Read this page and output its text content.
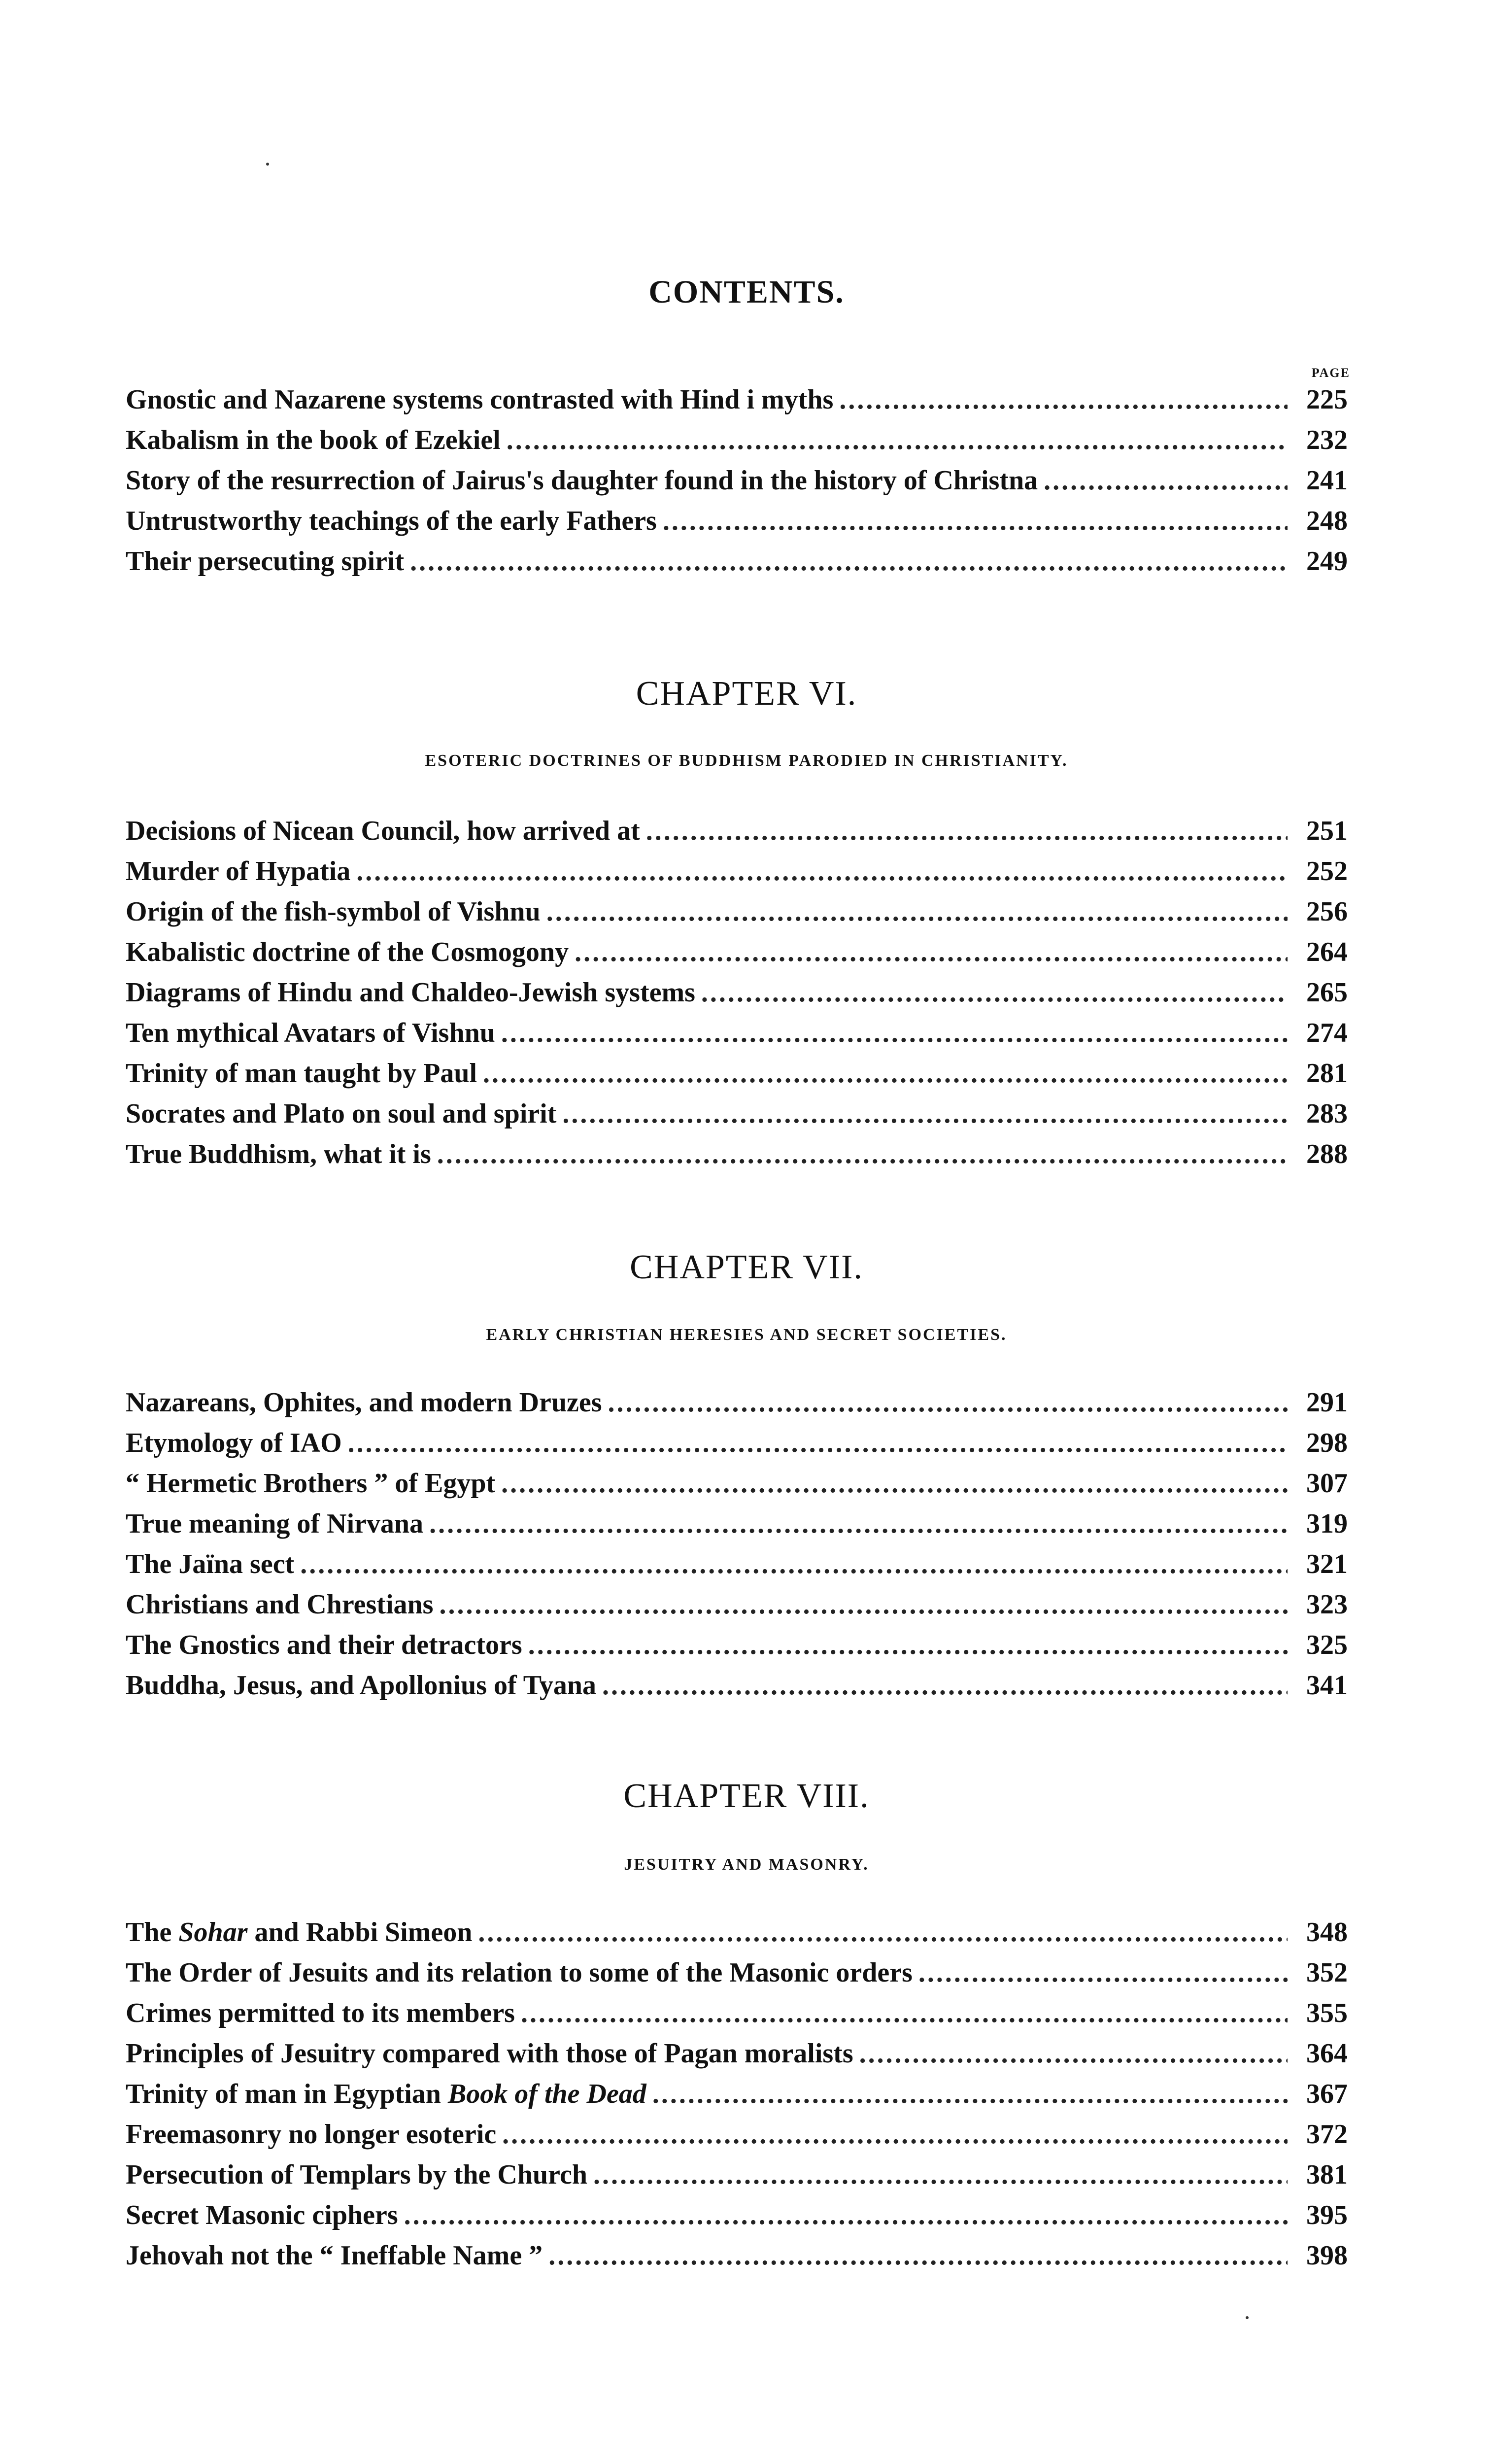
CONTENTS.
PAGE
Gnostic and Nazarene systems contrasted with Hind i myths .....	225
Kabalism in the book of Ezekiel .....	232
Story of the resurrection of Jairus's daughter found in the history of Christna .....	241
Untrustworthy teachings of the early Fathers .....	248
Their persecuting spirit .....	249
CHAPTER VI.
ESOTERIC DOCTRINES OF BUDDHISM PARODIED IN CHRISTIANITY.
Decisions of Nicean Council, how arrived at .....	251
Murder of Hypatia .....	252
Origin of the fish-symbol of Vishnu .....	256
Kabalistic doctrine of the Cosmogony .....	264
Diagrams of Hindu and Chaldeo-Jewish systems .....	265
Ten mythical Avatars of Vishnu .....	274
Trinity of man taught by Paul .....	281
Socrates and Plato on soul and spirit .....	283
True Buddhism, what it is .....	288
CHAPTER VII.
EARLY CHRISTIAN HERESIES AND SECRET SOCIETIES.
Nazareans, Ophites, and modern Druzes .....	291
Etymology of IAO .....	298
“ Hermetic Brothers ” of Egypt .....	307
True meaning of Nirvana .....	319
The Jaïna sect .....	321
Christians and Chrestians .....	323
The Gnostics and their detractors .....	325
Buddha, Jesus, and Apollonius of Tyana .....	341
CHAPTER VIII.
JESUITRY AND MASONRY.
The Sohar and Rabbi Simeon .....	348
The Order of Jesuits and its relation to some of the Masonic orders .....	352
Crimes permitted to its members .....	355
Principles of Jesuitry compared with those of Pagan moralists .....	364
Trinity of man in Egyptian Book of the Dead .....	367
Freemasonry no longer esoteric .....	372
Persecution of Templars by the Church .....	381
Secret Masonic ciphers .....	395
Jehovah not the “ Ineffable Name ” .....	398
